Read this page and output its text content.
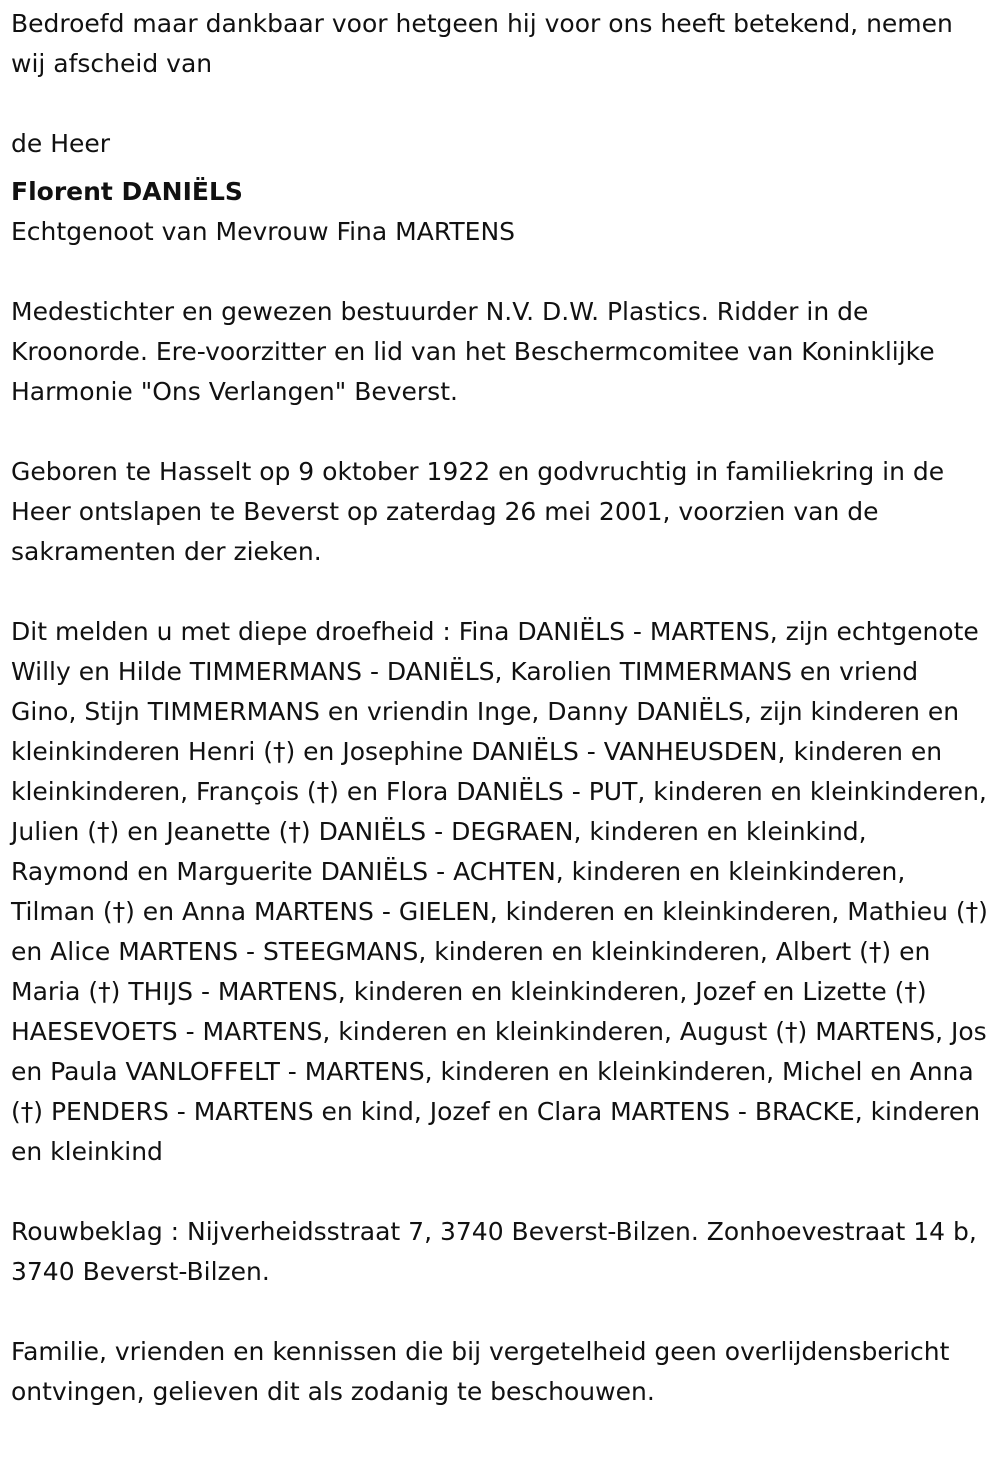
Bedroefd maar dankbaar voor hetgeen hij voor ons heeft betekend, nemen wij afscheid van

de Heer

Florent DANIËLS

Echtgenoot van Mevrouw Fina MARTENS

Medestichter en gewezen bestuurder N.V. D.W. Plastics. Ridder in de Kroonorde. Ere-voorzitter en lid van het Beschermcomitee van Koninklijke Harmonie "Ons Verlangen" Beverst.

Geboren te Hasselt op 9 oktober 1922 en godvruchtig in familiekring in de Heer ontslapen te Beverst op zaterdag 26 mei 2001, voorzien van de sakramenten der zieken.

Dit melden u met diepe droefheid : Fina DANIËLS - MARTENS, zijn echtgenote Willy en Hilde TIMMERMANS - DANIËLS, Karolien TIMMERMANS en vriend Gino, Stijn TIMMERMANS en vriendin Inge, Danny DANIËLS, zijn kinderen en kleinkinderen Henri (†) en Josephine DANIËLS - VANHEUSDEN, kinderen en kleinkinderen, François (†) en Flora DANIËLS - PUT, kinderen en kleinkinderen, Julien (†) en Jeanette (†) DANIËLS - DEGRAEN, kinderen en kleinkind, Raymond en Marguerite DANIËLS - ACHTEN, kinderen en kleinkinderen, Tilman (†) en Anna MARTENS - GIELEN, kinderen en kleinkinderen, Mathieu (†) en Alice MARTENS - STEEGMANS, kinderen en kleinkinderen, Albert (†) en Maria (†) THIJS - MARTENS, kinderen en kleinkinderen, Jozef en Lizette (†) HAESEVOETS - MARTENS, kinderen en kleinkinderen, August (†) MARTENS, Jos en Paula VANLOFFELT - MARTENS, kinderen en kleinkinderen, Michel en Anna (†) PENDERS - MARTENS en kind, Jozef en Clara MARTENS - BRACKE, kinderen en kleinkind

Rouwbeklag : Nijverheidsstraat 7, 3740 Beverst-Bilzen. Zonhoevestraat 14 b, 3740 Beverst-Bilzen.

Familie, vrienden en kennissen die bij vergetelheid geen overlijdensbericht ontvingen, gelieven dit als zodanig te beschouwen.
